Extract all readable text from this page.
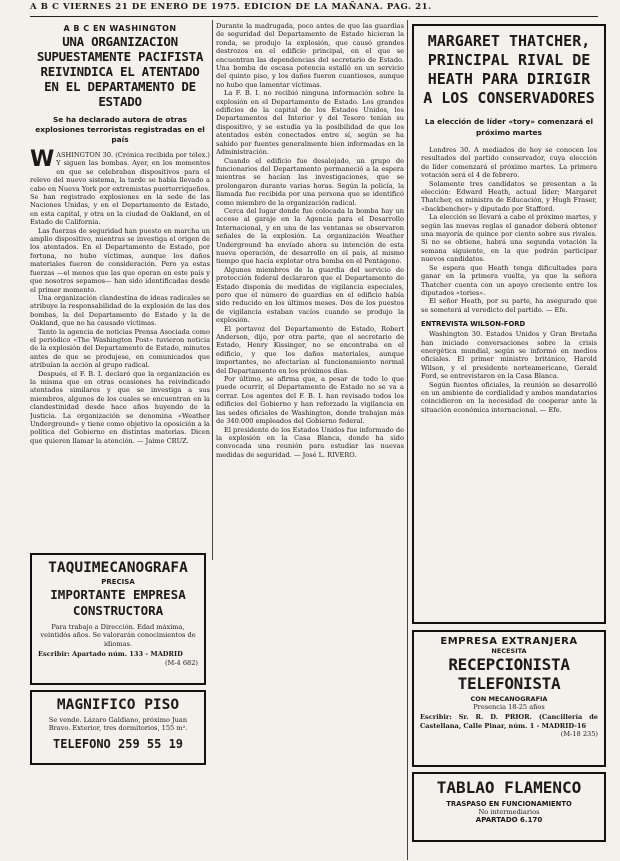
A B C VIERNES 21 DE ENERO DE 1975. EDICION DE LA MAÑANA. PAG. 21.
A B C EN WASHINGTON
UNA ORGANIZACION SUPUESTAMENTE PACIFISTA REIVINDICA EL ATENTADO EN EL DEPARTAMENTO DE ESTADO
Se ha declarado autora de otras explosiones terroristas registradas en el país

WASHINGTON 30. (Crónica recibida por télex.) Y siguen las bombas. Ayer, en los momentos en que se celebraban dispositivos para el relevo del nuevo sistema, la tarde se había llevado a cabo en Nueva York por extremistas puertorriqueños. Se han registrado explosiones en la sede de las Naciones Unidas, y en el Departamento de Estado, en esta capital, y otra en la ciudad de Oakland, en el Estado de California.

Las fuerzas de seguridad han puesto en marcha un amplio dispositivo, mientras se investiga el origen de los atentados. En el Departamento de Estado, por fortuna, no hubo víctimas, aunque los daños materiales fueron de consideración. Pero ya estas fuerzas —el menos que las que operan en este país y que nosotros sepamos— han sido identificadas desde el primer momento.

Una organización clandestina de ideas radicales se atribuye la responsabilidad de la explosión de las dos bombas, la del Departamento de Estado y la de Oakland, que no ha causado víctimas.

Tanto la agencia de noticias Prensa Asociada como el periódico «The Washington Post» tuvieron noticia de la explosión del Departamento de Estado, minutos antes de que se produjese, en comunicados que atribuían la acción al grupo radical.

Después, el F. B. I. declaró que la organización es la misma que en otras ocasiones ha reivindicado atentados similares y que se investiga a sus miembros, algunos de los cuales se encuentran en la clandestinidad desde hace años huyendo de la Justicia. La organización se denomina «Weather Underground» y tiene como objetivo la oposición a la política del Gobierno en distintas materias. Dicen que quieren llamar la atención. — Jaime CRUZ.

TAQUIMECANOGRAFA
PRECISA
IMPORTANTE EMPRESA CONSTRUCTORA

Para trabajo a Dirección. Edad máxima, veintidós años. Se valorarán conocimientos de idiomas.

Escribir: Apartado núm. 133 - MADRID

(M-4 682)

MAGNIFICO PISO

Se vende. Lázaro Galdiano, próximo Juan Bravo. Exterior, tres dormitorios, 155 m².

TELEFONO 259 55 19

Durante la madrugada, poco antes de que las guardias de seguridad del Departamento de Estado hicieran la ronda, se produjo la explosión, que causó grandes destrozos en el edificio principal, en el que se encuentran las dependencias del secretario de Estado. Una bomba de escasa potencia estalló en un servicio del quinto piso, y los daños fueron cuantiosos, aunque no hubo que lamentar víctimas.

La F. B. I. no recibió ninguna información sobre la explosión en el Departamento de Estado. Los grandes edificios de la capital de los Estados Unidos, los Departamentos del Interior y del Tesoro tenían su dispositivo, y se estudia ya la posibilidad de que los atentados estén conectados entre sí, según se ha sabido por fuentes generalmente bien informadas en la Administración.

Cuando el edificio fue desalojado, un grupo de funcionarios del Departamento permaneció a la espera mientras se hacían las investigaciones, que se prolongaron durante varias horas. Según la policía, la llamada fue recibida por una persona que se identificó como miembro de la organización radical.

Cerca del lugar donde fue colocada la bomba hay un acceso al garaje en la Agencia para el Desarrollo Internacional, y en una de las ventanas se observaron señales de la explosión. La organización Weather Underground ha envíado ahora su intención de esta nueva operación, de desarrollo en el país, al mismo tiempo que hacía explotar otra bomba en el Pentágono.

Algunos miembros de la guardia del servicio de protección federal declararon que el Departamento de Estado disponía de medidas de vigilancia especiales, pero que el número de guardias en el edificio había sido reducido en los últimos meses. Dos de los puestos de vigilancia estaban vacíos cuando se produjo la explosión.

El portavoz del Departamento de Estado, Robert Anderson, dijo, por otra parte, que el secretario de Estado, Henry Kissinger, no se encontraba en el edificio, y que los daños materiales, aunque importantes, no afectarían al funcionamiento normal del Departamento en los próximos días.

Por último, se afirma que, a pesar de todo lo que puede ocurrir, el Departamento de Estado no se va a cerrar. Los agentes del F. B. I. han revisado todos los edificios del Gobierno y han reforzado la vigilancia en las sedes oficiales de Washington, donde trabajan más de 340.000 empleados del Gobierno federal.

El presidente de los Estados Unidos fue informado de la explosión en la Casa Blanca, donde ha sido convocada una reunión para estudiar las nuevas medidas de seguridad. — José L. RIVERO.

MARGARET THATCHER, PRINCIPAL RIVAL DE HEATH PARA DIRIGIR A LOS CONSERVADORES
La elección de líder «tory» comenzará el próximo martes

Londres 30. A mediados de hoy se conocen los resultados del partido conservador, cuya elección de líder comenzará el próximo martes. La primera votación será el 4 de febrero.

Solamente tres candidatos se presentan a la elección: Edward Heath, actual líder; Margaret Thatcher, ex ministra de Educación, y Hugh Fraser, «backbencher» y diputado por Stafford.

La elección se llevará a cabo el próximo martes, y según las nuevas reglas el ganador deberá obtener una mayoría de quince por ciento sobre sus rivales. Si no se obtiene, habrá una segunda votación la semana siguiente, en la que podrán participar nuevos candidatos.

Se espera que Heath tenga dificultades para ganar en la primera vuelta, ya que la señora Thatcher cuenta con un apoyo creciente entre los diputados «tories».

El señor Heath, por su parte, ha asegurado que se someterá al veredicto del partido. — Efe.

ENTREVISTA WILSON-FORD

Washington 30. Estados Unidos y Gran Bretaña han iniciado conversaciones sobre la crisis energética mundial, según se informó en medios oficiales. El primer ministro británico, Harold Wilson, y el presidente norteamericano, Gerald Ford, se entrevistaron en la Casa Blanca.

Según fuentes oficiales, la reunión se desarrolló en un ambiente de cordialidad y ambos mandatarios coincidieron en la necesidad de cooperar ante la situación económica internacional. — Efe.

EMPRESA EXTRANJERA
NECESITA
RECEPCIONISTA TELEFONISTA
CON MECANOGRAFIA
Presencia 18-25 años

Escribir: Sr. R. D. PRIOR. (Cancillería de Castellana, Calle Pinar, núm. 1 - MADRID-16

(M-18 235)

TABLAO FLAMENCO
TRASPASO EN FUNCIONAMIENTO
No intermediarios
APARTADO 6.170
